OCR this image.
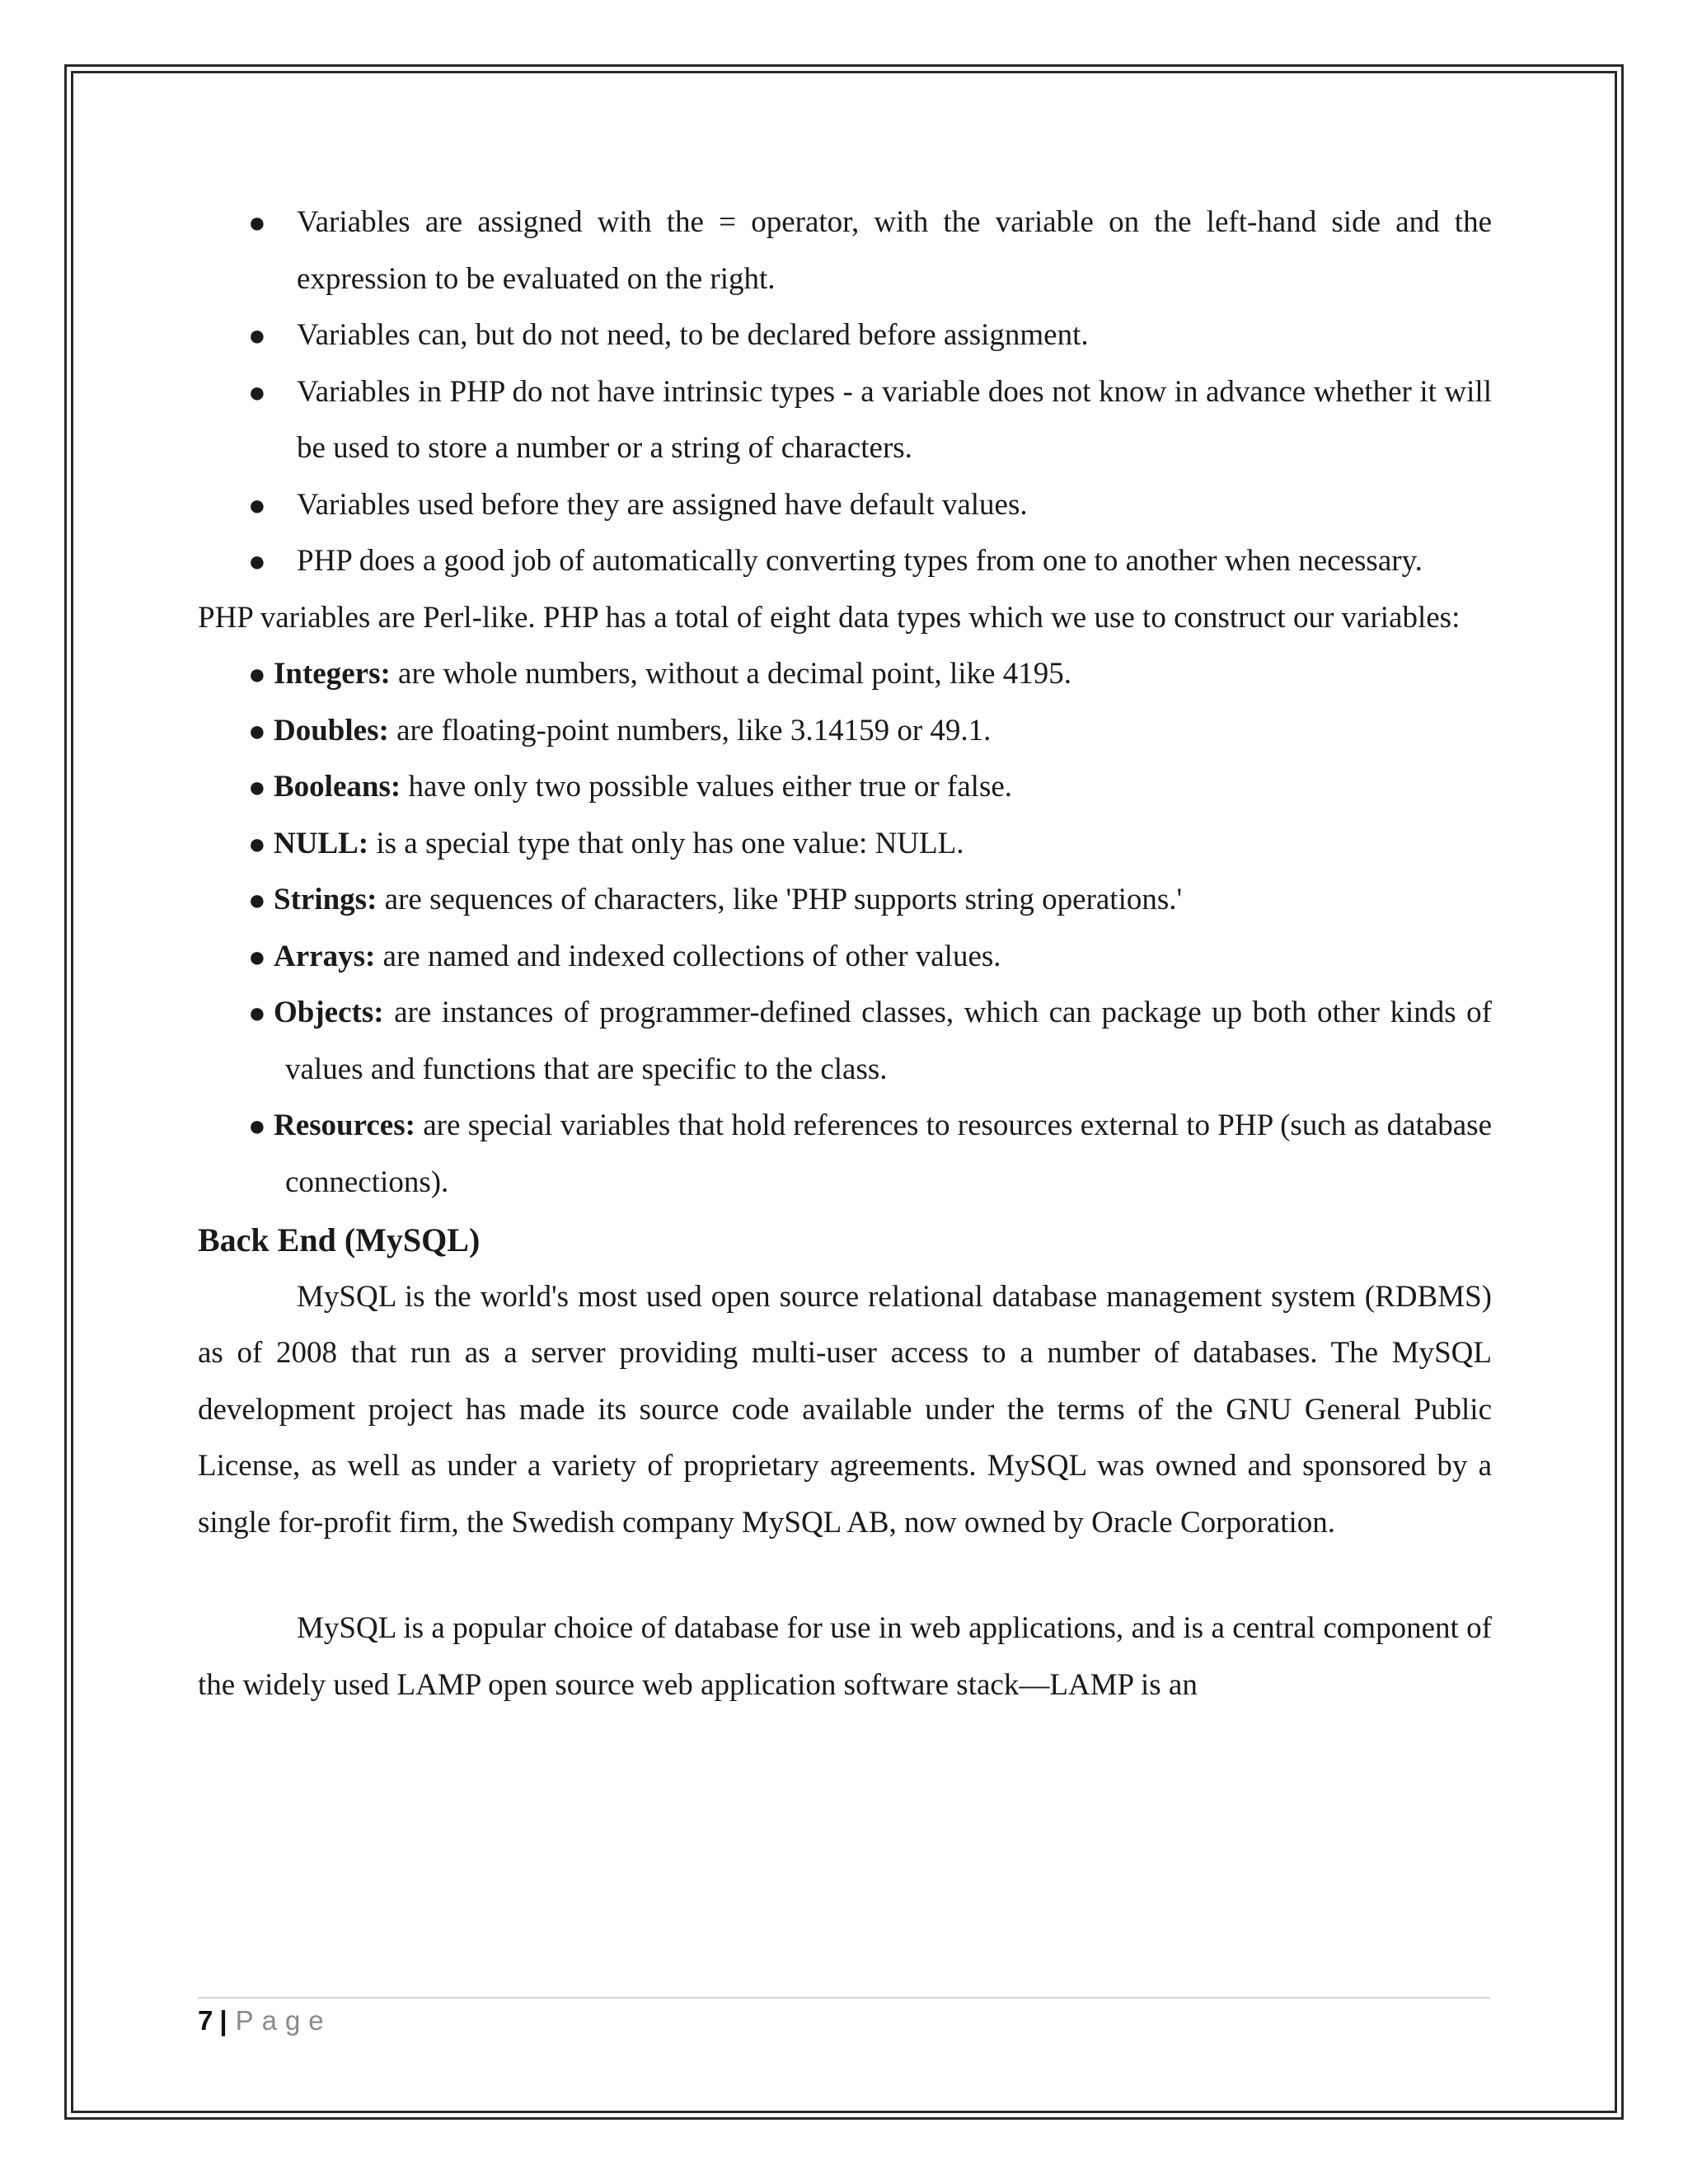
● Variables are assigned with the = operator, with the variable on the left-hand side and the expression to be evaluated on the right.
● Variables can, but do not need, to be declared before assignment.
● Variables in PHP do not have intrinsic types - a variable does not know in advance whether it will be used to store a number or a string of characters.
● Variables used before they are assigned have default values.
● PHP does a good job of automatically converting types from one to another when necessary.

PHP variables are Perl-like. PHP has a total of eight data types which we use to construct our variables:

● Integers: are whole numbers, without a decimal point, like 4195.
● Doubles: are floating-point numbers, like 3.14159 or 49.1.
● Booleans: have only two possible values either true or false.
● NULL: is a special type that only has one value: NULL.
● Strings: are sequences of characters, like 'PHP supports string operations.'
● Arrays: are named and indexed collections of other values.
● Objects: are instances of programmer-defined classes, which can package up both other kinds of values and functions that are specific to the class.
● Resources: are special variables that hold references to resources external to PHP (such as database connections).
Back End (MySQL)

MySQL is the world's most used open source relational database management system (RDBMS) as of 2008 that run as a server providing multi-user access to a number of databases. The MySQL development project has made its source code available under the terms of the GNU General Public License, as well as under a variety of proprietary agreements. MySQL was owned and sponsored by a single for-profit firm, the Swedish company MySQL AB, now owned by Oracle Corporation.

MySQL is a popular choice of database for use in web applications, and is a central component of the widely used LAMP open source web application software stack—LAMP is an

7 | Page
